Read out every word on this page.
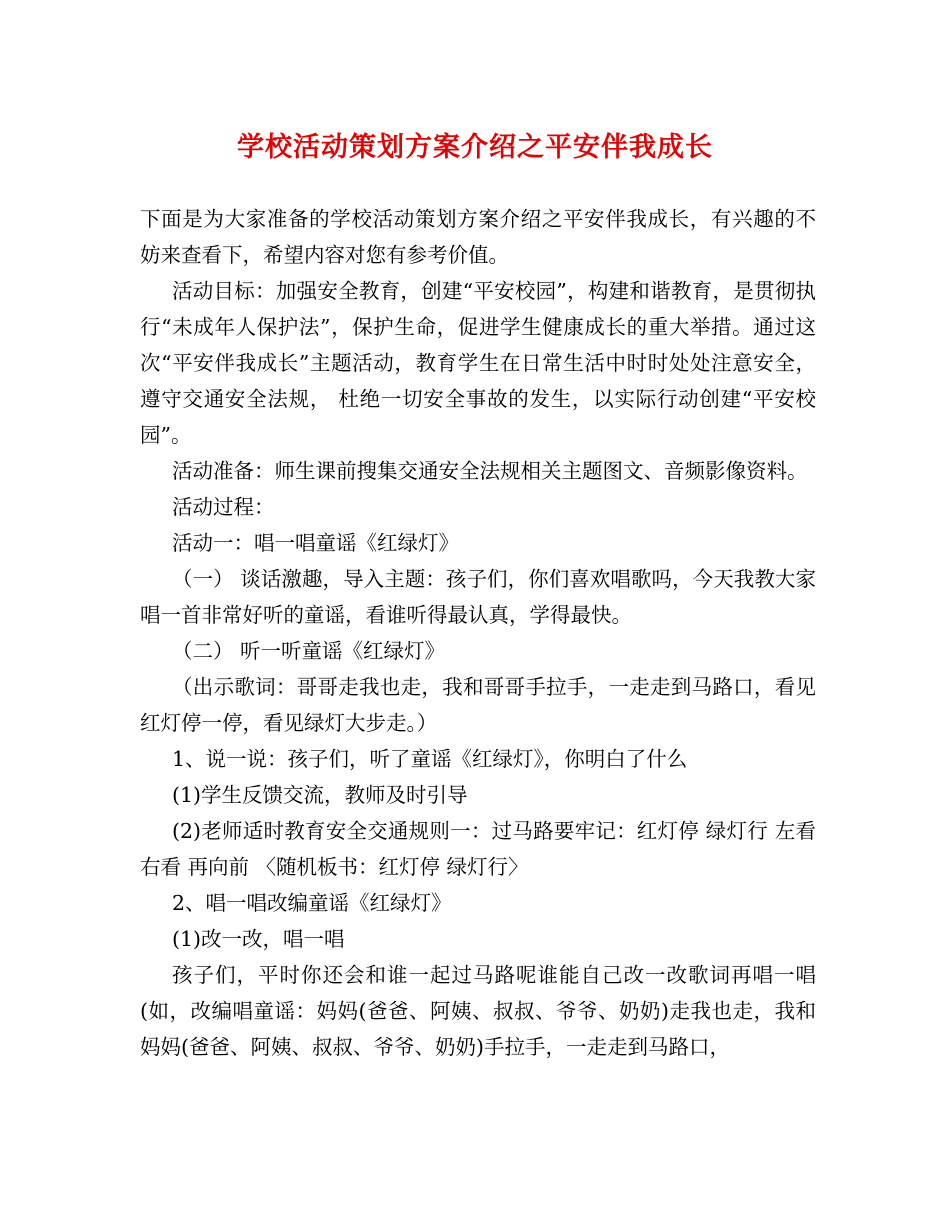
学校活动策划方案介绍之平安伴我成长

下面是为大家准备的学校活动策划方案介绍之平安伴我成长，有兴趣的不妨来查看下，希望内容对您有参考价值。

活动目标：加强安全教育，创建“平安校园”，构建和谐教育，是贯彻执行“未成年人保护法”，保护生命，促进学生健康成长的重大举措。通过这次“平安伴我成长”主题活动，教育学生在日常生活中时时处处注意安全，遵守交通安全法规， 杜绝一切安全事故的发生，以实际行动创建“平安校园”。

活动准备：师生课前搜集交通安全法规相关主题图文、音频影像资料。

活动过程：

活动一：唱一唱童谣《红绿灯》

（一） 谈话激趣，导入主题：孩子们，你们喜欢唱歌吗，今天我教大家唱一首非常好听的童谣，看谁听得最认真，学得最快。

（二） 听一听童谣《红绿灯》

（出示歌词：哥哥走我也走，我和哥哥手拉手，一走走到马路口，看见红灯停一停，看见绿灯大步走。）

1、说一说：孩子们，听了童谣《红绿灯》，你明白了什么

(1)学生反馈交流，教师及时引导

(2)老师适时教育安全交通规则一：过马路要牢记：红灯停 绿灯行 左看 右看 再向前 〈随机板书：红灯停 绿灯行〉

2、唱一唱改编童谣《红绿灯》

(1)改一改，唱一唱

孩子们，平时你还会和谁一起过马路呢谁能自己改一改歌词再唱一唱(如，改编唱童谣：妈妈(爸爸、阿姨、叔叔、爷爷、奶奶)走我也走，我和妈妈(爸爸、阿姨、叔叔、爷爷、奶奶)手拉手，一走走到马路口，
